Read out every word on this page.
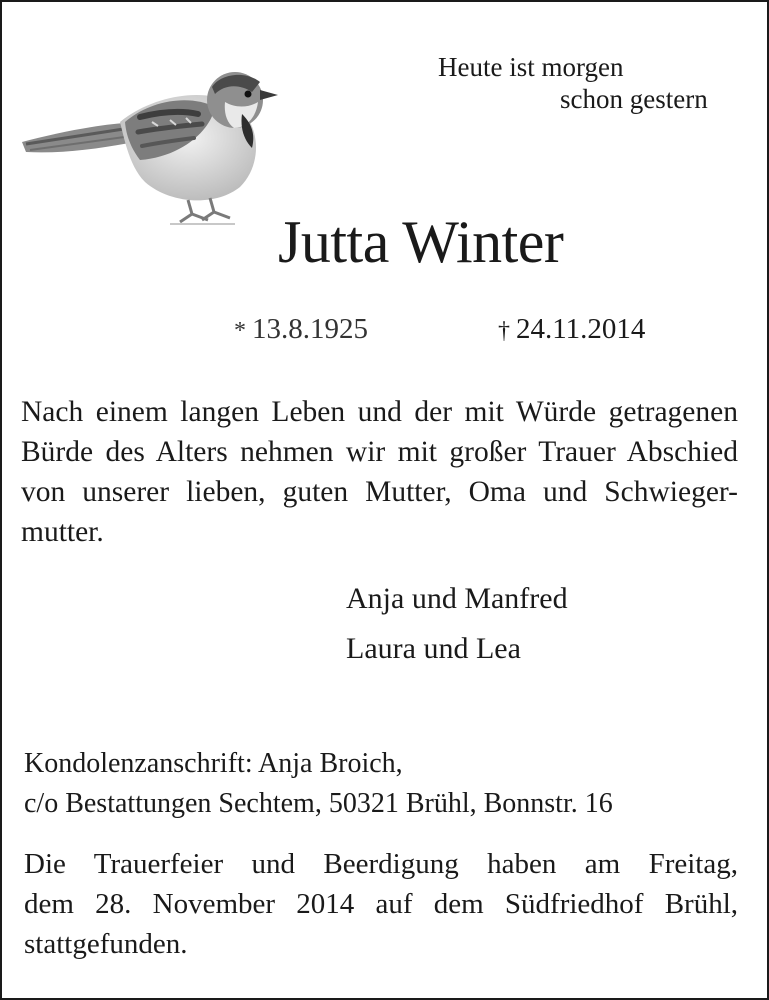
Heute ist morgen

schon gestern

Jutta Winter
* 13.8.1925	† 24.11.2014
Nach einem langen Leben und der mit Würde getragenen
Bürde des Alters nehmen wir mit großer Trauer Abschied
von unserer lieben, guten Mutter, Oma und Schwieger-
mutter.

Anja und Manfred

Laura und Lea

Kondolenzanschrift: Anja Broich,

c/o Bestattungen Sechtem, 50321 Brühl, Bonnstr. 16

Die Trauerfeier und Beerdigung haben am Freitag,
dem 28. November 2014 auf dem Südfriedhof Brühl,
stattgefunden.
